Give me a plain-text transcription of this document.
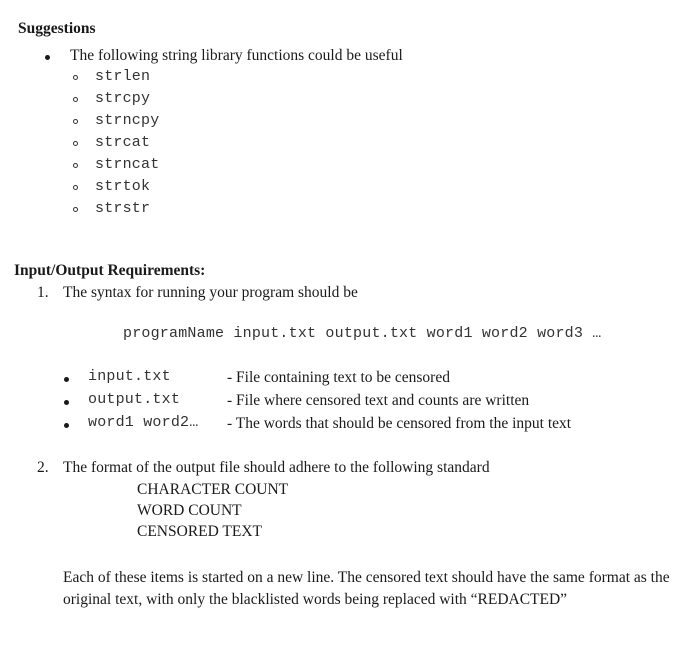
Suggestions
The following string library functions could be useful
strlen
strcpy
strncpy
strcat
strncat
strtok
strstr
Input/Output Requirements:
1. The syntax for running your program should be
programName input.txt output.txt word1 word2 word3 …
input.txt	- File containing text to be censored
output.txt	- File where censored text and counts are written
word1 word2… - The words that should be censored from the input text
2. The format of the output file should adhere to the following standard
CHARACTER COUNT
WORD COUNT
CENSORED TEXT
Each of these items is started on a new line. The censored text should have the same format as the original text, with only the blacklisted words being replaced with “REDACTED”
